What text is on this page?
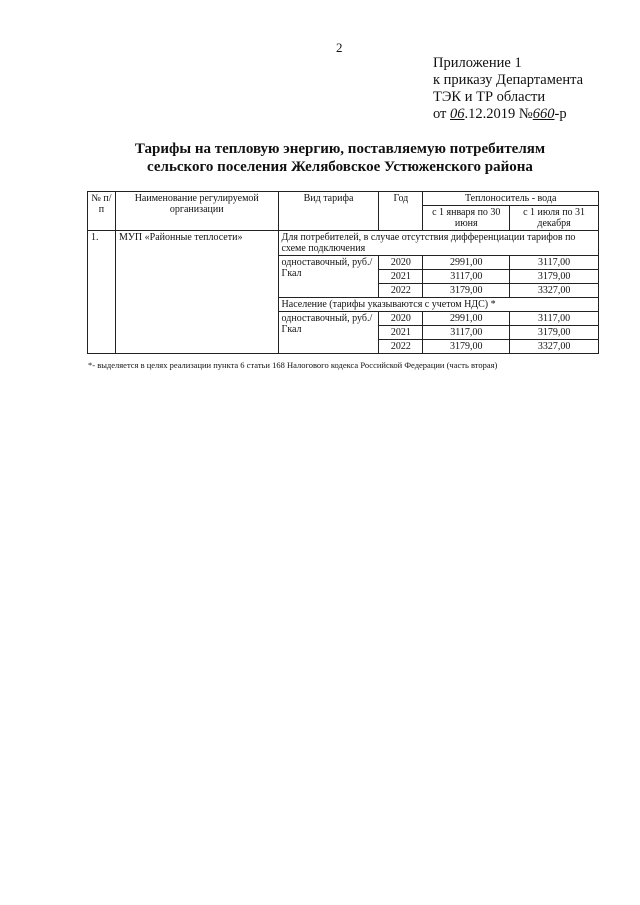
2
Приложение 1
к приказу Департамента
ТЭК и ТР области
от 06.12.2019 №660-р
Тарифы на тепловую энергию, поставляемую потребителям
сельского поселения Желябовское Устюженского района
№ п/п	Наименование регулируемой организации	Вид тарифа	Год	Теплоноситель - вода	
				с 1 января по 30 июня	с 1 июля по 31 декабря
1.	МУП «Районные теплосети»	Для потребителей, в случае отсутствия дифференциации тарифов по схеме подключения			
		одноставочный, руб./Гкал	2020	2991,00	3117,00
			2021	3117,00	3179,00
			2022	3179,00	3327,00
		Население (тарифы указываются с учетом НДС) *			
		одноставочный, руб./Гкал	2020	2991,00	3117,00
			2021	3117,00	3179,00
			2022	3179,00	3327,00
*- выделяется в целях реализации пункта 6 статьи 168 Налогового кодекса Российской Федерации (часть вторая)
